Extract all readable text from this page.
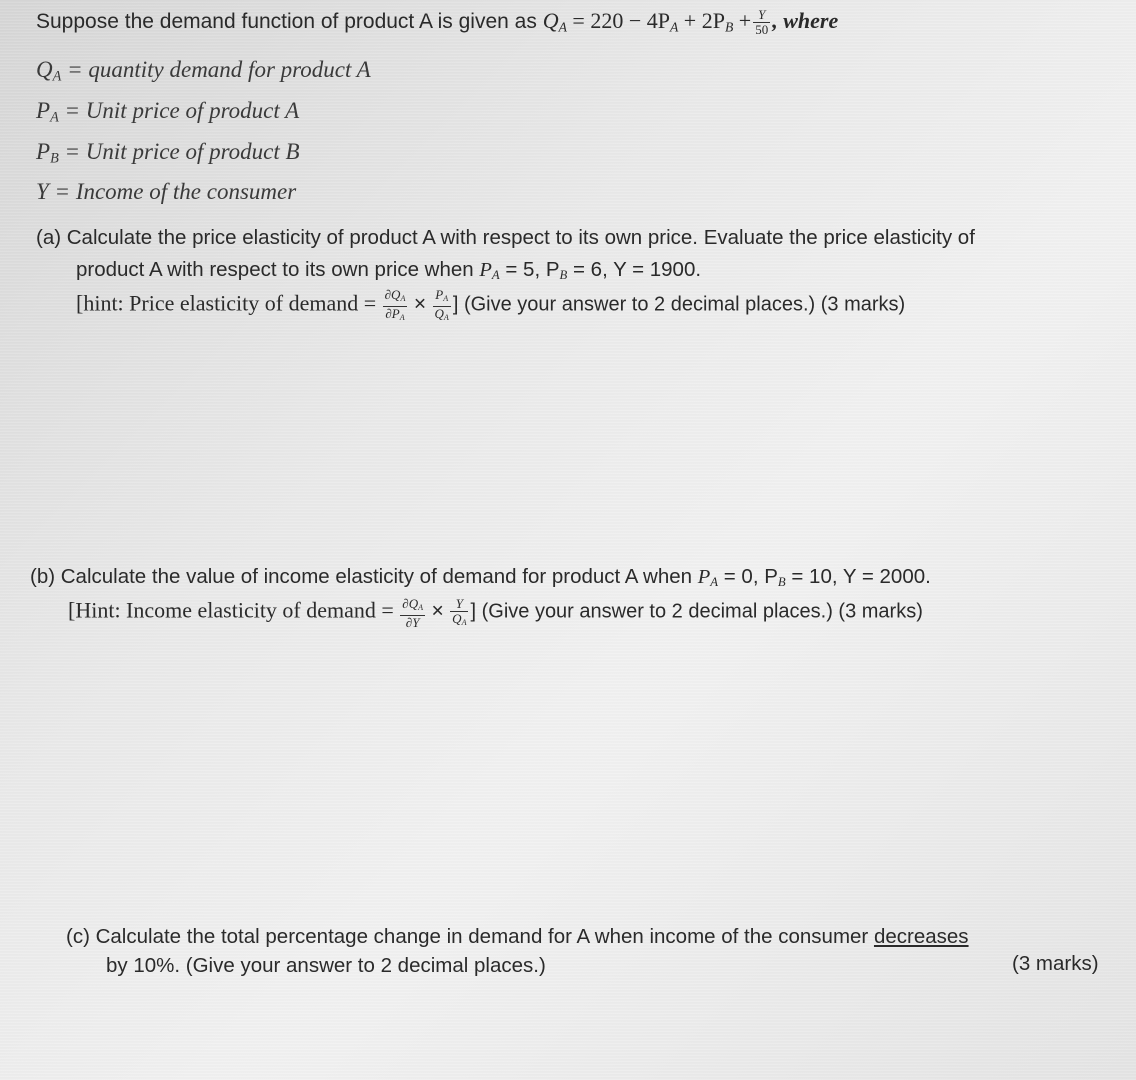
Suppose the demand function of product A is given as $Q_A = 220 - 4P_A + 2P_B + \frac{Y}{50}$ , where
$Q_A$ = quantity demand for product A
$P_A$ = Unit price of product A
$P_B$ = Unit price of product B
Y = Income of the consumer
(a) Calculate the price elasticity of product A with respect to its own price. Evaluate the price elasticity of
product A with respect to its own price when $P_A = 5$, $P_B = 6$, Y = 1900.
[hint: Price elasticity of demand = $\frac{\partial Q_A}{\partial P_A} \times \frac{P_A}{Q_A}$ ] (Give your answer to 2 decimal places.) (3 marks)
(b) Calculate the value of income elasticity of demand for product A when $P_A = 0$, $P_B = 10$, Y = 2000.
[Hint: Income elasticity of demand = $\frac{\partial Q_A}{\partial Y} \times \frac{Y}{Q_A}$ ] (Give your answer to 2 decimal places.) (3 marks)
(c) Calculate the total percentage change in demand for A when income of the consumer decreases
by 10%. (Give your answer to 2 decimal places.)	(3 marks)
